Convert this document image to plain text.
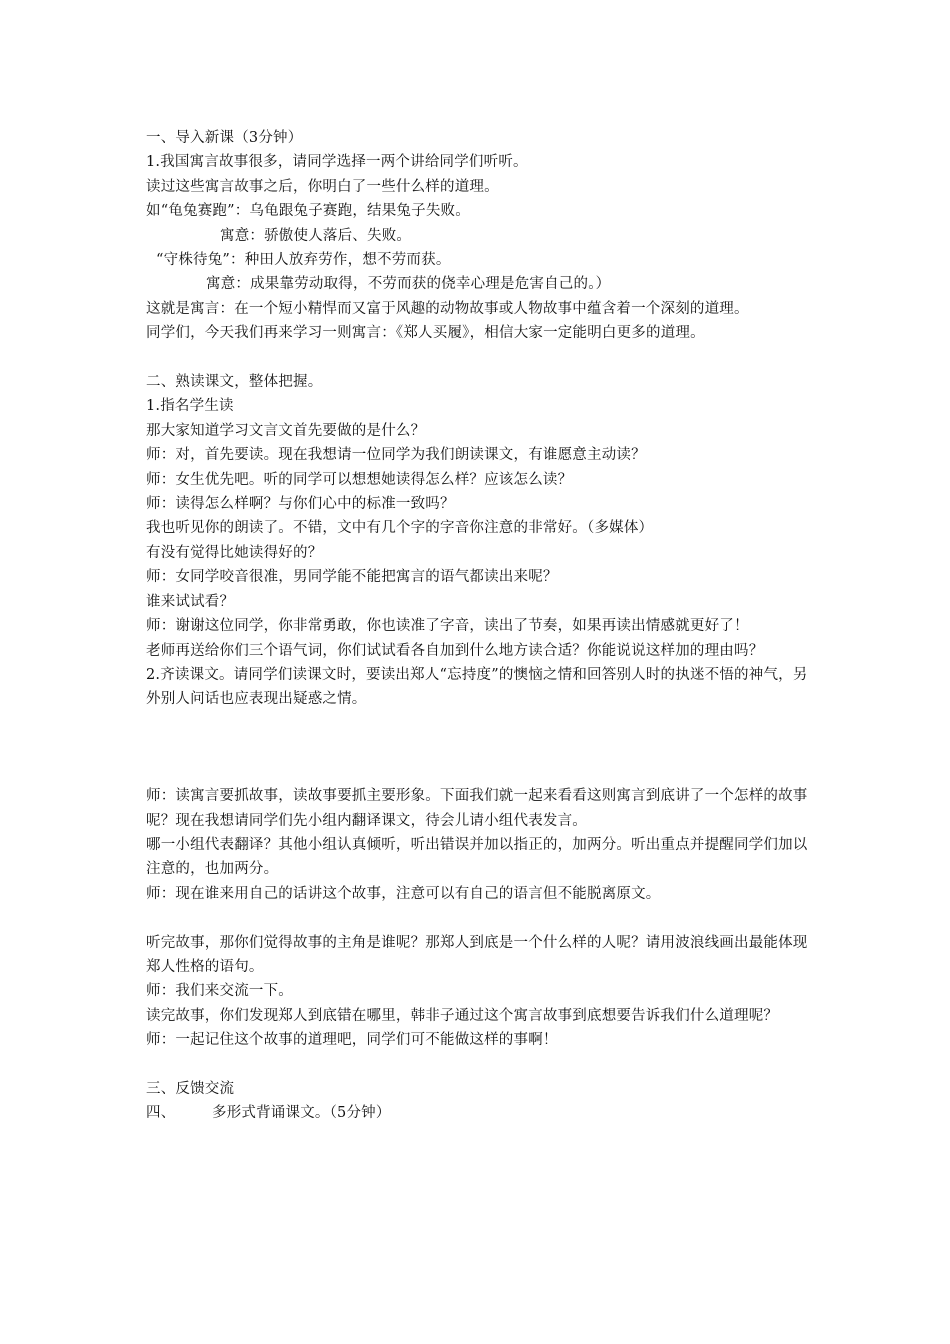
一、导入新课（3分钟）
1.我国寓言故事很多，请同学选择一两个讲给同学们听听。
读过这些寓言故事之后，你明白了一些什么样的道理。
如“龟兔赛跑”：乌龟跟兔子赛跑，结果兔子失败。
寓意：骄傲使人落后、失败。
“守株待兔”：种田人放弃劳作，想不劳而获。
寓意：成果靠劳动取得，不劳而获的侥幸心理是危害自己的。）
这就是寓言：在一个短小精悍而又富于风趣的动物故事或人物故事中蕴含着一个深刻的道理。
同学们，今天我们再来学习一则寓言：《郑人买履》，相信大家一定能明白更多的道理。
二、熟读课文，整体把握。
1.指名学生读
那大家知道学习文言文首先要做的是什么？
师：对，首先要读。现在我想请一位同学为我们朗读课文，有谁愿意主动读？
师：女生优先吧。听的同学可以想想她读得怎么样？应该怎么读？
师：读得怎么样啊？与你们心中的标准一致吗？
我也听见你的朗读了。不错，文中有几个字的字音你注意的非常好。（多媒体）
有没有觉得比她读得好的？
师：女同学咬音很准，男同学能不能把寓言的语气都读出来呢？
谁来试试看？
师：谢谢这位同学，你非常勇敢，你也读准了字音，读出了节奏，如果再读出情感就更好了！
老师再送给你们三个语气词，你们试试看各自加到什么地方读合适？你能说说这样加的理由吗？
2.齐读课文。请同学们读课文时，要读出郑人“忘持度”的懊恼之情和回答别人时的执迷不悟的神气，另外别人问话也应表现出疑惑之情。
师：读寓言要抓故事，读故事要抓主要形象。下面我们就一起来看看这则寓言到底讲了一个怎样的故事呢？现在我想请同学们先小组内翻译课文，待会儿请小组代表发言。
哪一小组代表翻译？其他小组认真倾听，听出错误并加以指正的，加两分。听出重点并提醒同学们加以注意的，也加两分。
师：现在谁来用自己的话讲这个故事，注意可以有自己的语言但不能脱离原文。
听完故事，那你们觉得故事的主角是谁呢？那郑人到底是一个什么样的人呢？请用波浪线画出最能体现郑人性格的语句。
师：我们来交流一下。
读完故事，你们发现郑人到底错在哪里，韩非子通过这个寓言故事到底想要告诉我们什么道理呢？
师：一起记住这个故事的道理吧，同学们可不能做这样的事啊！
三、反馈交流
四、	多形式背诵课文。（5分钟）
